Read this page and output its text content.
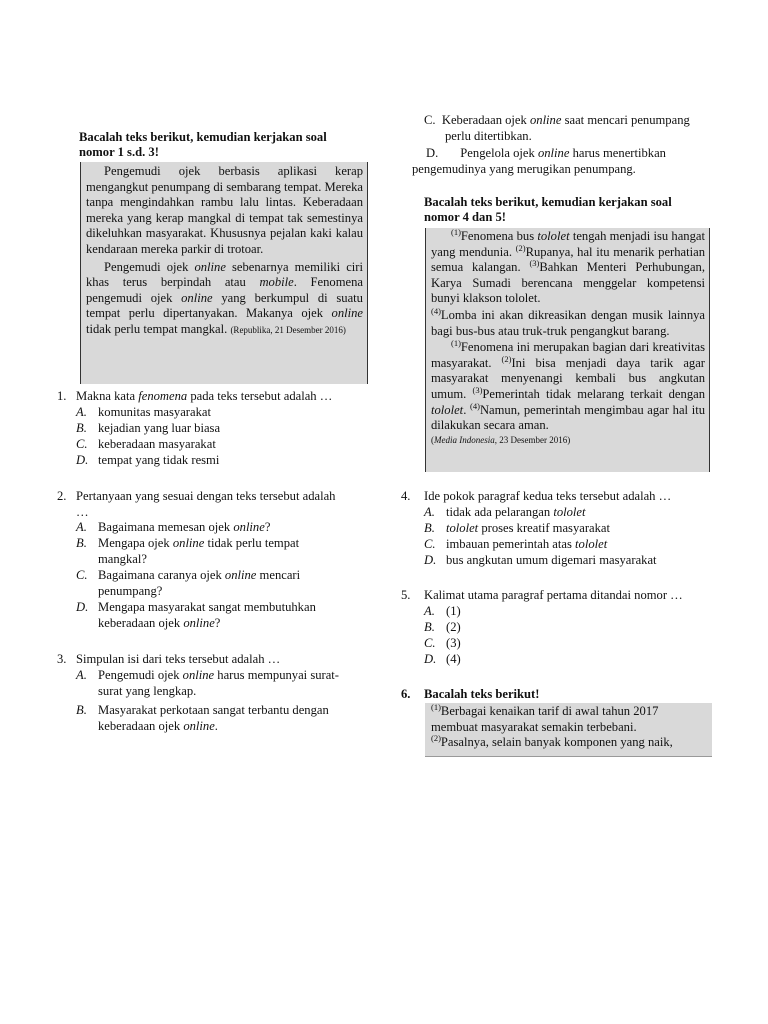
Bacalah teks berikut, kemudian kerjakan soal
nomor 1 s.d. 3!

Pengemudi ojek berbasis aplikasi kerap mengangkut penumpang di sembarang tempat. Mereka tanpa mengindahkan rambu lalu lintas. Keberadaan mereka yang kerap mangkal di tempat tak semestinya dikeluhkan masyarakat. Khususnya pejalan kaki kalau kendaraan mereka parkir di trotoar.

Pengemudi ojek online sebenarnya memiliki ciri khas terus berpindah atau mobile. Fenomena pengemudi ojek online yang berkumpul di suatu tempat perlu dipertanyakan. Makanya ojek online tidak perlu tempat mangkal. (Republika, 21 Desember 2016)

1. Makna kata fenomena pada teks tersebut adalah …
A. komunitas masyarakat
B. kejadian yang luar biasa
C. keberadaan masyarakat
D. tempat yang tidak resmi
2. Pertanyaan yang sesuai dengan teks tersebut adalah
…
A. Bagaimana memesan ojek online?
B. Mengapa ojek online tidak perlu tempat
mangkal?
C. Bagaimana caranya ojek online mencari
penumpang?
D. Mengapa masyarakat sangat membutuhkan
keberadaan ojek online?
3. Simpulan isi dari teks tersebut adalah …
A. Pengemudi ojek online harus mempunyai surat-
surat yang lengkap.
B. Masyarakat perkotaan sangat terbantu dengan
keberadaan ojek online.
C. Keberadaan ojek online saat mencari penumpang
perlu ditertibkan.
D. Pengelola ojek online harus menertibkan
pengemudinya yang merugikan penumpang.
Bacalah teks berikut, kemudian kerjakan soal
nomor 4 dan 5!

$^{(1)}$Fenomena bus tololet tengah menjadi isu hangat yang mendunia. $^{(2)}$Rupanya, hal itu menarik perhatian semua kalangan. $^{(3)}$Bahkan Menteri Perhubungan, Karya Sumadi berencana menggelar kompetensi bunyi klakson tololet.

$^{(4)}$Lomba ini akan dikreasikan dengan musik lainnya bagi bus-bus atau truk-truk pengangkut barang.

$^{(1)}$Fenomena ini merupakan bagian dari kreativitas masyarakat. $^{(2)}$Ini bisa menjadi daya tarik agar masyarakat menyenangi kembali bus angkutan umum. $^{(3)}$Pemerintah tidak melarang terkait dengan tololet. $^{(4)}$Namun, pemerintah mengimbau agar hal itu dilakukan secara aman.

(Media Indonesia, 23 Desember 2016)
4. Ide pokok paragraf kedua teks tersebut adalah …
A. tidak ada pelarangan tololet
B. tololet proses kreatif masyarakat
C. imbauan pemerintah atas tololet
D. bus angkutan umum digemari masyarakat
5. Kalimat utama paragraf pertama ditandai nomor …
A. (1)
B. (2)
C. (3)
D. (4)
6. Bacalah teks berikut!
$^{(1)}$Berbagai kenaikan tarif di awal tahun 2017
membuat masyarakat semakin terbebani.
$^{(2)}$Pasalnya, selain banyak komponen yang naik,
